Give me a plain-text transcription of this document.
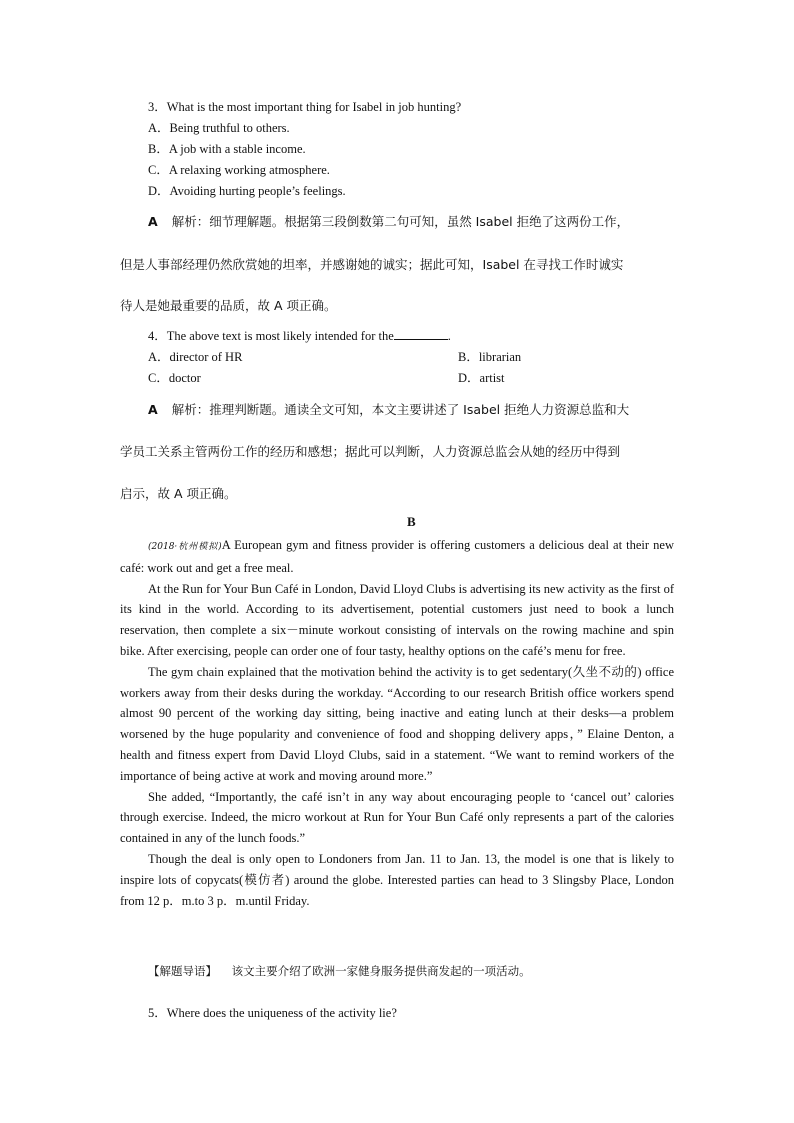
3．What is the most important thing for Isabel in job hunting?
A．Being truthful to others.
B．A job with a stable income.
C．A relaxing working atmosphere.
D．Avoiding hurting people’s feelings.
A 解析：细节理解题。根据第三段倒数第二句可知，虽然 Isabel 拒绝了这两份工作，
但是人事部经理仍然欣赏她的坦率，并感谢她的诚实；据此可知，Isabel 在寻找工作时诚实
待人是她最重要的品质，故 A 项正确。
4．The above text is most likely intended for the	.
A．director of HR	B．librarian
C．doctor	D．artist
A 解析：推理判断题。通读全文可知，本文主要讲述了 Isabel 拒绝人力资源总监和大
学员工关系主管两份工作的经历和感想；据此可以判断，人力资源总监会从她的经历中得到
启示，故 A 项正确。
B

(2018·杭州模拟)A European gym and fitness provider is offering customers a delicious deal at their new café: work out and get a free meal.

At the Run for Your Bun Café in London, David Lloyd Clubs is advertising its new activity as the first of its kind in the world. According to its advertisement, potential customers just need to book a lunch reservation, then complete a six－minute workout consisting of intervals on the rowing machine and spin bike. After exercising, people can order one of four tasty, healthy options on the café’s menu for free.

The gym chain explained that the motivation behind the activity is to get sedentary(久坐不动的) office workers away from their desks during the workday. “According to our research British office workers spend almost 90 percent of the working day sitting, being inactive and eating lunch at their desks—a problem worsened by the huge popularity and convenience of food and shopping delivery apps，” Elaine Denton, a health and fitness expert from David Lloyd Clubs, said in a statement. “We want to remind workers of the importance of being active at work and moving around more.”

She added, “Importantly, the café isn’t in any way about encouraging people to ‘cancel out’ calories through exercise. Indeed, the micro workout at Run for Your Bun Café only represents a part of the calories contained in any of the lunch foods.”

Though the deal is only open to Londoners from Jan. 11 to Jan. 13, the model is one that is likely to inspire lots of copycats(模仿者) around the globe. Interested parties can head to 3 Slingsby Place, London from 12 p．m.to 3 p．m.until Friday.

【解题导语】 该文主要介绍了欧洲一家健身服务提供商发起的一项活动。
5．Where does the uniqueness of the activity lie?
